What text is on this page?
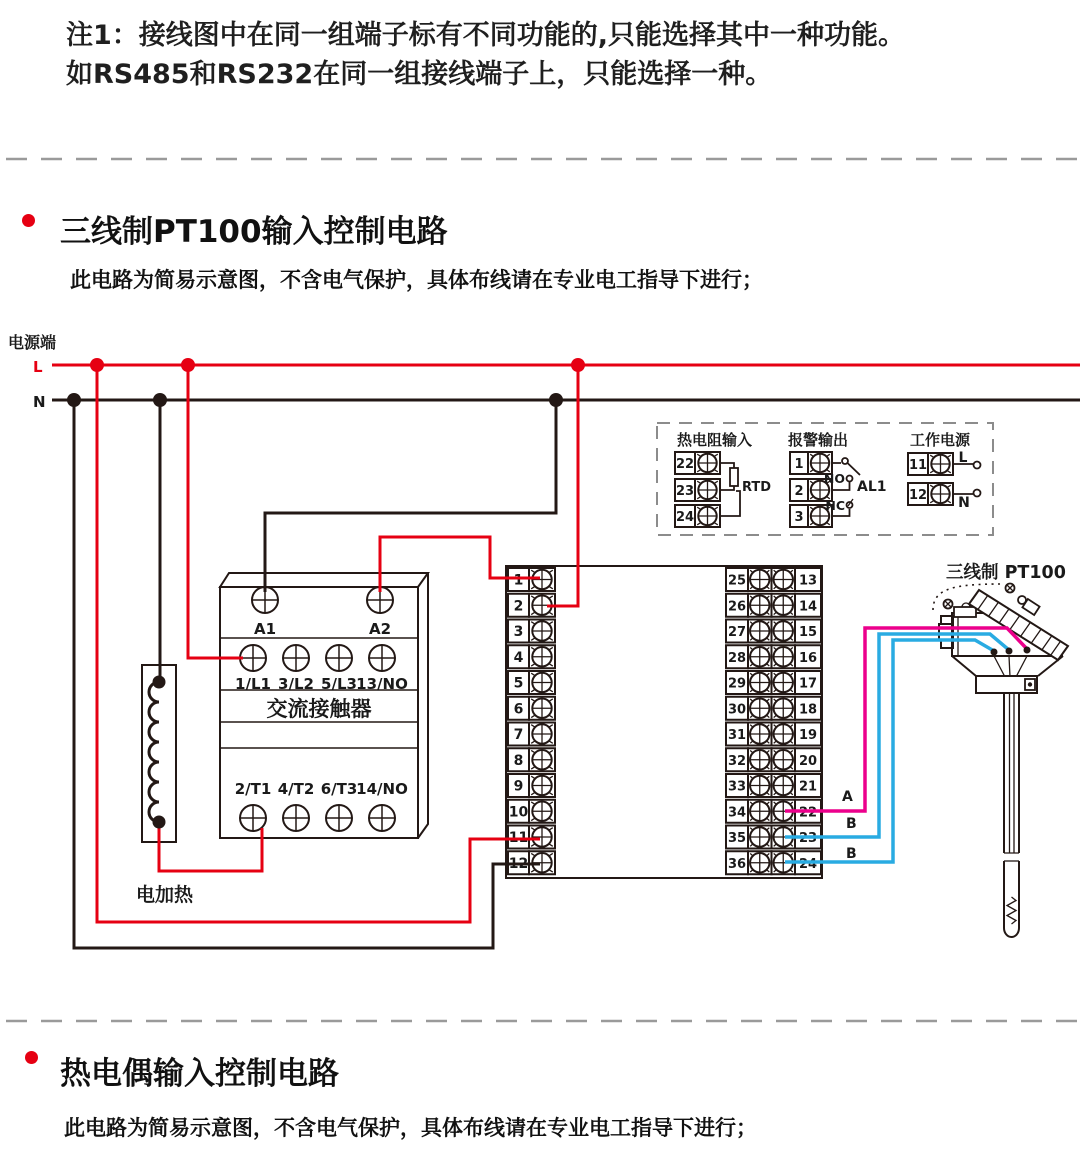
注1：接线图中在同一组端子标有不同功能的,只能选择其中一种功能。
如RS485和RS232在同一组接线端子上，只能选择一种。
三线制PT100输入控制电路
此电路为简易示意图，不含电气保护，具体布线请在专业电工指导下进行；
热电偶输入控制电路
此电路为简易示意图，不含电气保护，具体布线请在专业电工指导下进行；
电源端
L
N
电加热
A1	A2
1/L1 3/L2 5/L3 13/NO
交流接触器
2/T1 4/T2 6/T3
14/NO
1
2
3
4
5
6
7
8
9
10
11
12
25	13
26	14
27	15
28	16
29	17
30	18
31	19
32	20
33	21
34	22
35	23
36	24
22
23
24
1
2
3
11
12
热电阻输入 报警输出	工作电源
RTD
NO
NC
AL1
L
N
三线制 PT100
A
B
B
